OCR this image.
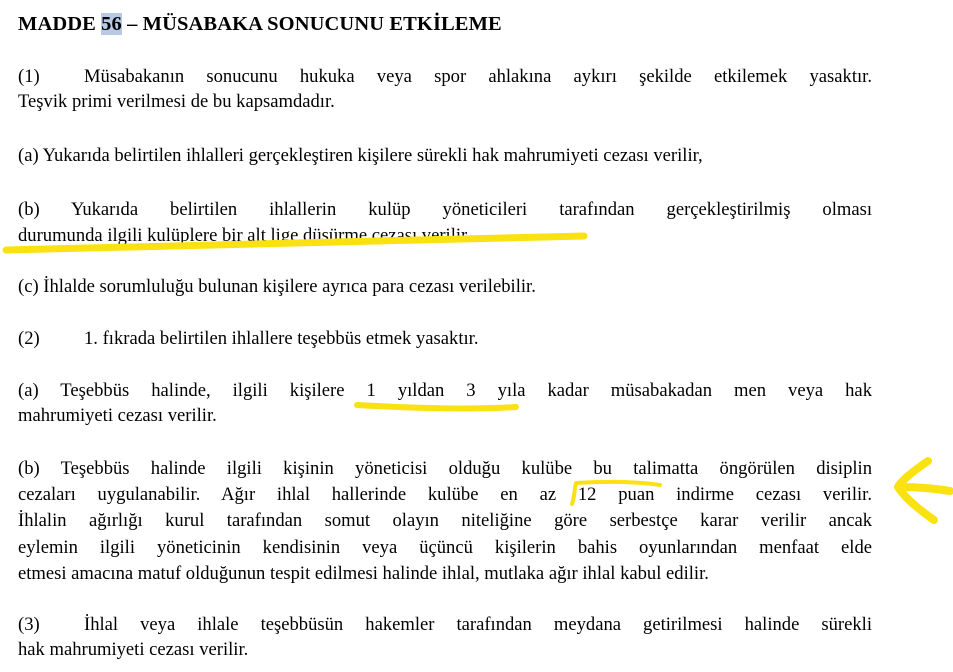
MADDE 56 – MÜSABAKA SONUCUNU ETKİLEME
(1) Müsabakanın sonucunu hukuka veya spor ahlakına aykırı şekilde etkilemek yasaktır.
Teşvik primi verilmesi de bu kapsamdadır.
(a) Yukarıda belirtilen ihlalleri gerçekleştiren kişilere sürekli hak mahrumiyeti cezası verilir,
(b) Yukarıda belirtilen ihlallerin kulüp yöneticileri tarafından gerçekleştirilmiş olması
durumunda ilgili kulüplere bir alt lige düşürme cezası verilir.
(c) İhlalde sorumluluğu bulunan kişilere ayrıca para cezası verilebilir.
(2) 1. fıkrada belirtilen ihlallere teşebbüs etmek yasaktır.
(a) Teşebbüs halinde, ilgili kişilere 1 yıldan 3 yıla kadar müsabakadan men veya hak
mahrumiyeti cezası verilir.
(b) Teşebbüs halinde ilgili kişinin yöneticisi olduğu kulübe bu talimatta öngörülen disiplin
cezaları uygulanabilir. Ağır ihlal hallerinde kulübe en az 12 puan indirme cezası verilir.
İhlalin ağırlığı kurul tarafından somut olayın niteliğine göre serbestçe karar verilir ancak
eylemin ilgili yöneticinin kendisinin veya üçüncü kişilerin bahis oyunlarından menfaat elde
etmesi amacına matuf olduğunun tespit edilmesi halinde ihlal, mutlaka ağır ihlal kabul edilir.
(3) İhlal veya ihlale teşebbüsün hakemler tarafından meydana getirilmesi halinde sürekli
hak mahrumiyeti cezası verilir.
